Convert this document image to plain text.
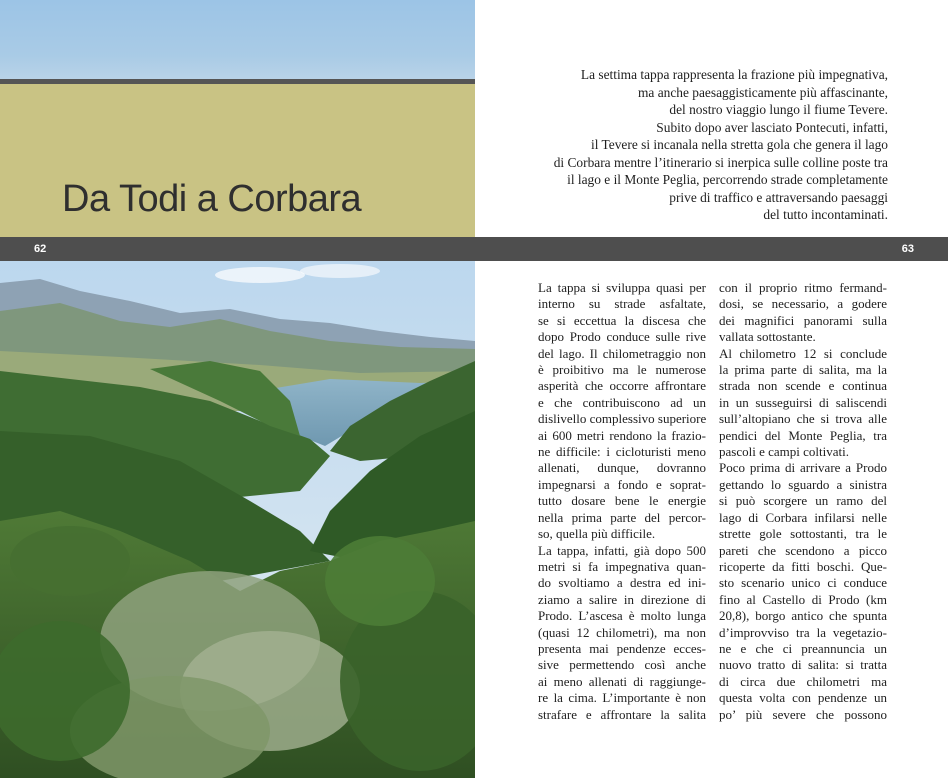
Da Todi a Corbara
La settima tappa rappresenta la frazione più impegnativa,
ma anche paesaggisticamente più affascinante,
del nostro viaggio lungo il fiume Tevere.
Subito dopo aver lasciato Pontecuti, infatti,
il Tevere si incanala nella stretta gola che genera il lago
di Corbara mentre l’itinerario si inerpica sulle colline poste tra
il lago e il Monte Peglia, percorrendo strade completamente
prive di traffico e attraversando paesaggi
del tutto incontaminati.
62	63
La tappa si sviluppa quasi per
interno su strade asfaltate,
se si eccettua la discesa che
dopo Prodo conduce sulle rive
del lago. Il chilometraggio non
è proibitivo ma le numerose
asperità che occorre affrontare
e che contribuiscono ad un
dislivello complessivo superiore
ai 600 metri rendono la frazio-
ne difficile: i cicloturisti meno
allenati, dunque, dovranno
impegnarsi a fondo e soprat-
tutto dosare bene le energie
nella prima parte del percor-
so, quella più difficile.
La tappa, infatti, già dopo 500
metri si fa impegnativa quan-
do svoltiamo a destra ed ini-
ziamo a salire in direzione di
Prodo. L’ascesa è molto lunga
(quasi 12 chilometri), ma non
presenta mai pendenze ecces-
sive permettendo così anche
ai meno allenati di raggiunge-
re la cima. L’importante è non
strafare e affrontare la salita
con il proprio ritmo fermand-
dosi, se necessario, a godere
dei magnifici panorami sulla
vallata sottostante.
Al chilometro 12 si conclude
la prima parte di salita, ma la
strada non scende e continua
in un susseguirsi di saliscendi
sull’altopiano che si trova alle
pendici del Monte Peglia, tra
pascoli e campi coltivati.
Poco prima di arrivare a Prodo
gettando lo sguardo a sinistra
si può scorgere un ramo del
lago di Corbara infilarsi nelle
strette gole sottostanti, tra le
pareti che scendono a picco
ricoperte da fitti boschi. Que-
sto scenario unico ci conduce
fino al Castello di Prodo (km
20,8), borgo antico che spunta
d’improvviso tra la vegetazio-
ne e che ci preannuncia un
nuovo tratto di salita: si tratta
di circa due chilometri ma
questa volta con pendenze un
po’ più severe che possono
